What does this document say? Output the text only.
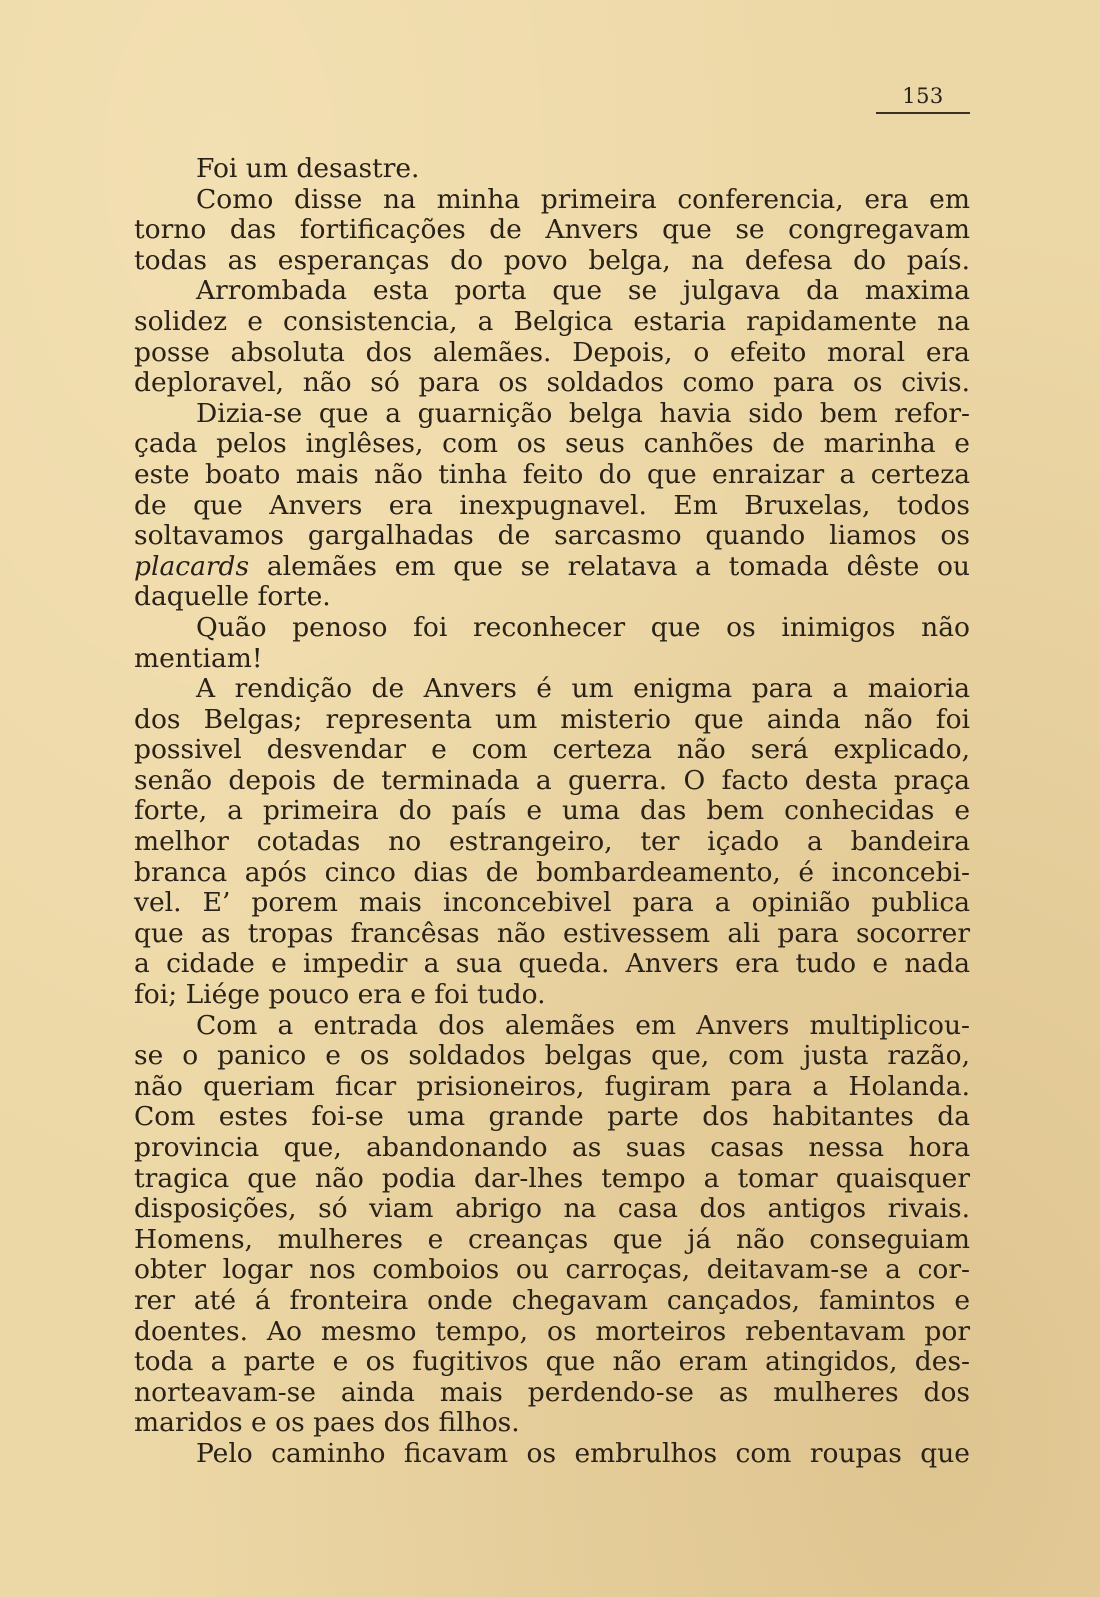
153
Foi um desastre.
Como disse na minha primeira conferencia, era em
torno das fortificações de Anvers que se congregavam
todas as esperanças do povo belga, na defesa do país.
Arrombada esta porta que se julgava da maxima
solidez e consistencia, a Belgica estaria rapidamente na
posse absoluta dos alemães. Depois, o efeito moral era
deploravel, não só para os soldados como para os civis.
Dizia-se que a guarnição belga havia sido bem refor-
çada pelos inglêses, com os seus canhões de marinha e
este boato mais não tinha feito do que enraizar a certeza
de que Anvers era inexpugnavel. Em Bruxelas, todos
soltavamos gargalhadas de sarcasmo quando liamos os
placards alemães em que se relatava a tomada dêste ou
daquelle forte.
Quão penoso foi reconhecer que os inimigos não
mentiam!
A rendição de Anvers é um enigma para a maioria
dos Belgas; representa um misterio que ainda não foi
possivel desvendar e com certeza não será explicado,
senão depois de terminada a guerra. O facto desta praça
forte, a primeira do país e uma das bem conhecidas e
melhor cotadas no estrangeiro, ter içado a bandeira
branca após cinco dias de bombardeamento, é inconcebi-
vel. E’ porem mais inconcebivel para a opinião publica
que as tropas francêsas não estivessem ali para socorrer
a cidade e impedir a sua queda. Anvers era tudo e nada
foi; Liége pouco era e foi tudo.
Com a entrada dos alemães em Anvers multiplicou-
se o panico e os soldados belgas que, com justa razão,
não queriam ficar prisioneiros, fugiram para a Holanda.
Com estes foi-se uma grande parte dos habitantes da
provincia que, abandonando as suas casas nessa hora
tragica que não podia dar-lhes tempo a tomar quaisquer
disposições, só viam abrigo na casa dos antigos rivais.
Homens, mulheres e creanças que já não conseguiam
obter logar nos comboios ou carroças, deitavam-se a cor-
rer até á fronteira onde chegavam cançados, famintos e
doentes. Ao mesmo tempo, os morteiros rebentavam por
toda a parte e os fugitivos que não eram atingidos, des-
norteavam-se ainda mais perdendo-se as mulheres dos
maridos e os paes dos filhos.
Pelo caminho ficavam os embrulhos com roupas que
